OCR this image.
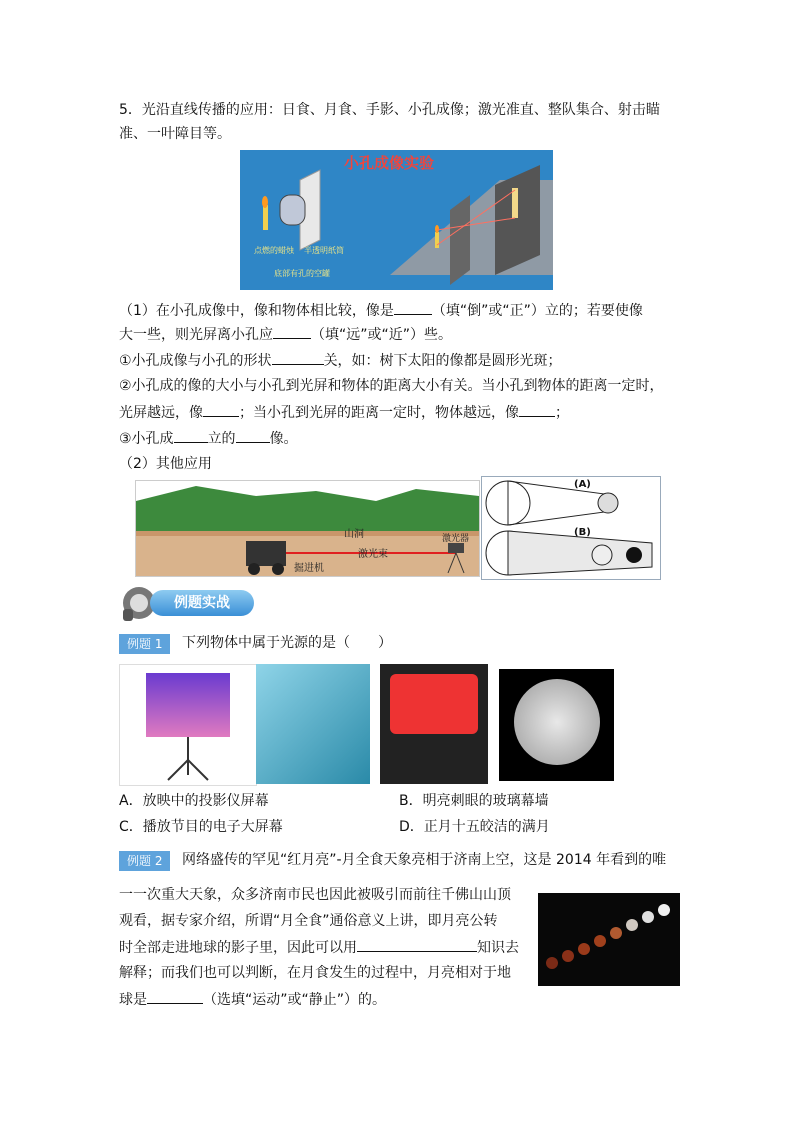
5．光沿直线传播的应用：日食、月食、手影、小孔成像；激光准直、整队集合、射击瞄
准、一叶障目等。
小孔成像实验
点燃的蜡烛 半透明纸筒
底部有孔的空罐
（1）在小孔成像中，像和物体相比较，像是	（填“倒”或“正”）立的；若要使像
大一些，则光屏离小孔应	（填“远”或“近”）些。
①小孔成像与小孔的形状	关，如：树下太阳的像都是圆形光斑；
②小孔成的像的大小与小孔到光屏和物体的距离大小有关。当小孔到物体的距离一定时，
光屏越远，像	；当小孔到光屏的距离一定时，物体越远，像	；
③小孔成 立的 像。
（2）其他应用
山洞
激光束
激光器
掘进机
(A)
(B)
例题实战
例题 1	下列物体中属于光源的是（　　）
A．放映中的投影仪屏幕	B．明亮刺眼的玻璃幕墙
C．播放节目的电子大屏幕	D．正月十五皎洁的满月
例题 2	网络盛传的罕见“红月亮”-月全食天象亮相于济南上空，这是 2014 年看到的唯
一一次重大天象，众多济南市民也因此被吸引而前往千佛山山顶
观看，据专家介绍，所谓“月全食”通俗意义上讲，即月亮公转
时全部走进地球的影子里，因此可以用	知识去
解释；而我们也可以判断，在月食发生的过程中，月亮相对于地
球是	（选填“运动”或“静止”）的。
